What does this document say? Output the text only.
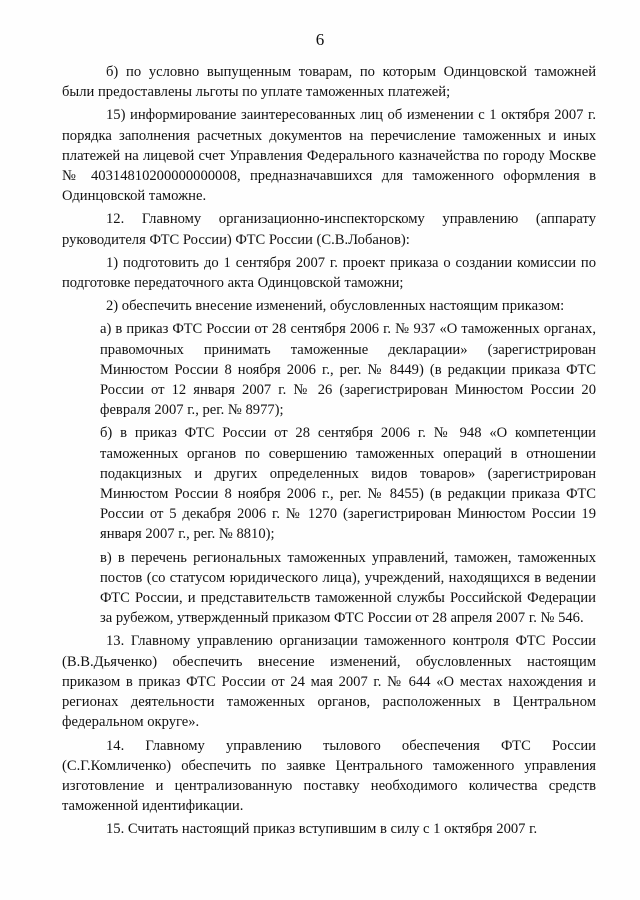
6

б) по условно выпущенным товарам, по которым Одинцовской таможней были предоставлены льготы по уплате таможенных платежей;

15) информирование заинтересованных лиц об изменении с 1 октября 2007 г. порядка заполнения расчетных документов на перечисление таможенных и иных платежей на лицевой счет Управления Федерального казначейства по городу Москве № 40314810200000000008, предназначавшихся для таможенного оформления в Одинцовской таможне.

12. Главному организационно-инспекторскому управлению (аппарату руководителя ФТС России) ФТС России (С.В.Лобанов):

1) подготовить до 1 сентября 2007 г. проект приказа о создании комиссии по подготовке передаточного акта Одинцовской таможни;

2) обеспечить внесение изменений, обусловленных настоящим приказом:

а) в приказ ФТС России от 28 сентября 2006 г. № 937 «О таможенных органах, правомочных принимать таможенные декларации» (зарегистрирован Минюстом России 8 ноября 2006 г., рег. № 8449) (в редакции приказа ФТС России от 12 января 2007 г. № 26 (зарегистрирован Минюстом России 20 февраля 2007 г., рег. № 8977);

б) в приказ ФТС России от 28 сентября 2006 г. № 948 «О компетенции таможенных органов по совершению таможенных операций в отношении подакцизных и других определенных видов товаров» (зарегистрирован Минюстом России 8 ноября 2006 г., рег. № 8455) (в редакции приказа ФТС России от 5 декабря 2006 г. № 1270 (зарегистрирован Минюстом России 19 января 2007 г., рег. № 8810);

в) в перечень региональных таможенных управлений, таможен, таможенных постов (со статусом юридического лица), учреждений, находящихся в ведении ФТС России, и представительств таможенной службы Российской Федерации за рубежом, утвержденный приказом ФТС России от 28 апреля 2007 г. № 546.

13. Главному управлению организации таможенного контроля ФТС России (В.В.Дьяченко) обеспечить внесение изменений, обусловленных настоящим приказом в приказ ФТС России от 24 мая 2007 г. № 644 «О местах нахождения и регионах деятельности таможенных органов, расположенных в Центральном федеральном округе».

14. Главному управлению тылового обеспечения ФТС России (С.Г.Комличенко) обеспечить по заявке Центрального таможенного управления изготовление и централизованную поставку необходимого количества средств таможенной идентификации.

15. Считать настоящий приказ вступившим в силу с 1 октября 2007 г.
